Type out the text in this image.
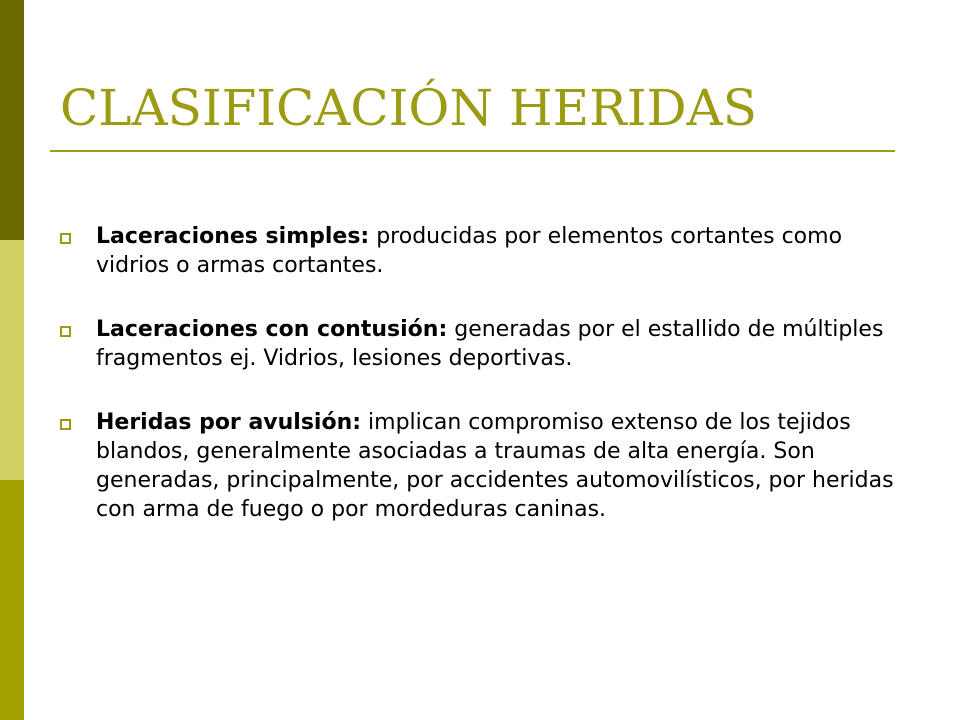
CLASIFICACIÓN HERIDAS
Laceraciones simples: producidas por elementos cortantes como vidrios o armas cortantes.
Laceraciones con contusión: generadas por el estallido de múltiples fragmentos ej. Vidrios, lesiones deportivas.
Heridas por avulsión: implican compromiso extenso de los tejidos blandos, generalmente asociadas a traumas de alta energía. Son generadas, principalmente, por accidentes automovilísticos, por heridas con arma de fuego o por mordeduras caninas.
